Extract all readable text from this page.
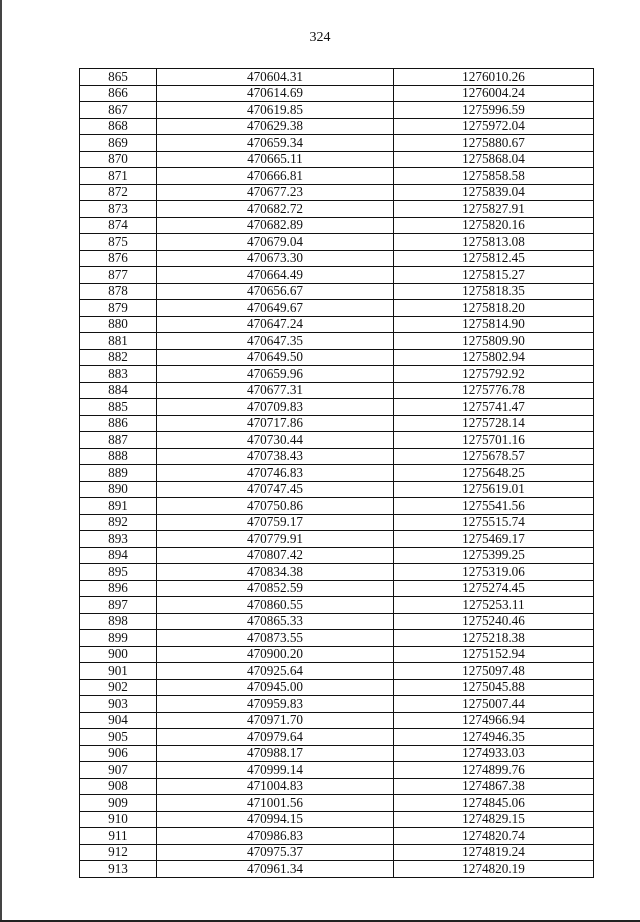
324
865	470604.31	1276010.26
866	470614.69	1276004.24
867	470619.85	1275996.59
868	470629.38	1275972.04
869	470659.34	1275880.67
870	470665.11	1275868.04
871	470666.81	1275858.58
872	470677.23	1275839.04
873	470682.72	1275827.91
874	470682.89	1275820.16
875	470679.04	1275813.08
876	470673.30	1275812.45
877	470664.49	1275815.27
878	470656.67	1275818.35
879	470649.67	1275818.20
880	470647.24	1275814.90
881	470647.35	1275809.90
882	470649.50	1275802.94
883	470659.96	1275792.92
884	470677.31	1275776.78
885	470709.83	1275741.47
886	470717.86	1275728.14
887	470730.44	1275701.16
888	470738.43	1275678.57
889	470746.83	1275648.25
890	470747.45	1275619.01
891	470750.86	1275541.56
892	470759.17	1275515.74
893	470779.91	1275469.17
894	470807.42	1275399.25
895	470834.38	1275319.06
896	470852.59	1275274.45
897	470860.55	1275253.11
898	470865.33	1275240.46
899	470873.55	1275218.38
900	470900.20	1275152.94
901	470925.64	1275097.48
902	470945.00	1275045.88
903	470959.83	1275007.44
904	470971.70	1274966.94
905	470979.64	1274946.35
906	470988.17	1274933.03
907	470999.14	1274899.76
908	471004.83	1274867.38
909	471001.56	1274845.06
910	470994.15	1274829.15
911	470986.83	1274820.74
912	470975.37	1274819.24
913	470961.34	1274820.19
